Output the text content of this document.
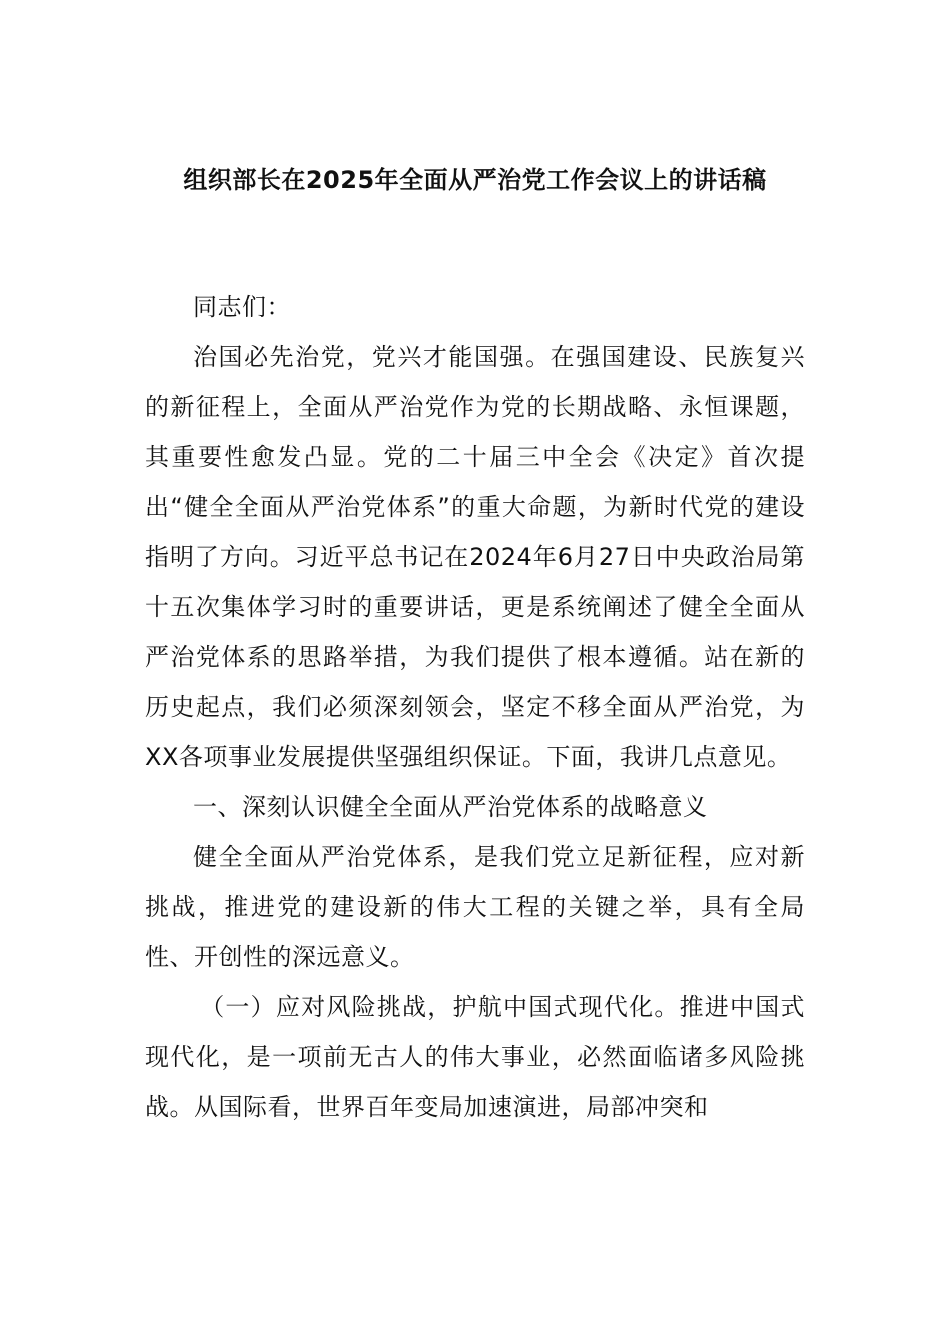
组织部长在2025年全面从严治党工作会议上的讲话稿

同志们：

治国必先治党，党兴才能国强。在强国建设、民族复兴的新征程上，全面从严治党作为党的长期战略、永恒课题，其重要性愈发凸显。党的二十届三中全会《决定》首次提出“健全全面从严治党体系”的重大命题，为新时代党的建设指明了方向。习近平总书记在2024年6月27日中央政治局第十五次集体学习时的重要讲话，更是系统阐述了健全全面从严治党体系的思路举措，为我们提供了根本遵循。站在新的历史起点，我们必须深刻领会，坚定不移全面从严治党，为XX各项事业发展提供坚强组织保证。下面，我讲几点意见。

一、深刻认识健全全面从严治党体系的战略意义

健全全面从严治党体系，是我们党立足新征程，应对新挑战，推进党的建设新的伟大工程的关键之举，具有全局性、开创性的深远意义。

（一）应对风险挑战，护航中国式现代化。推进中国式现代化，是一项前无古人的伟大事业，必然面临诸多风险挑战。从国际看，世界百年变局加速演进，局部冲突和
